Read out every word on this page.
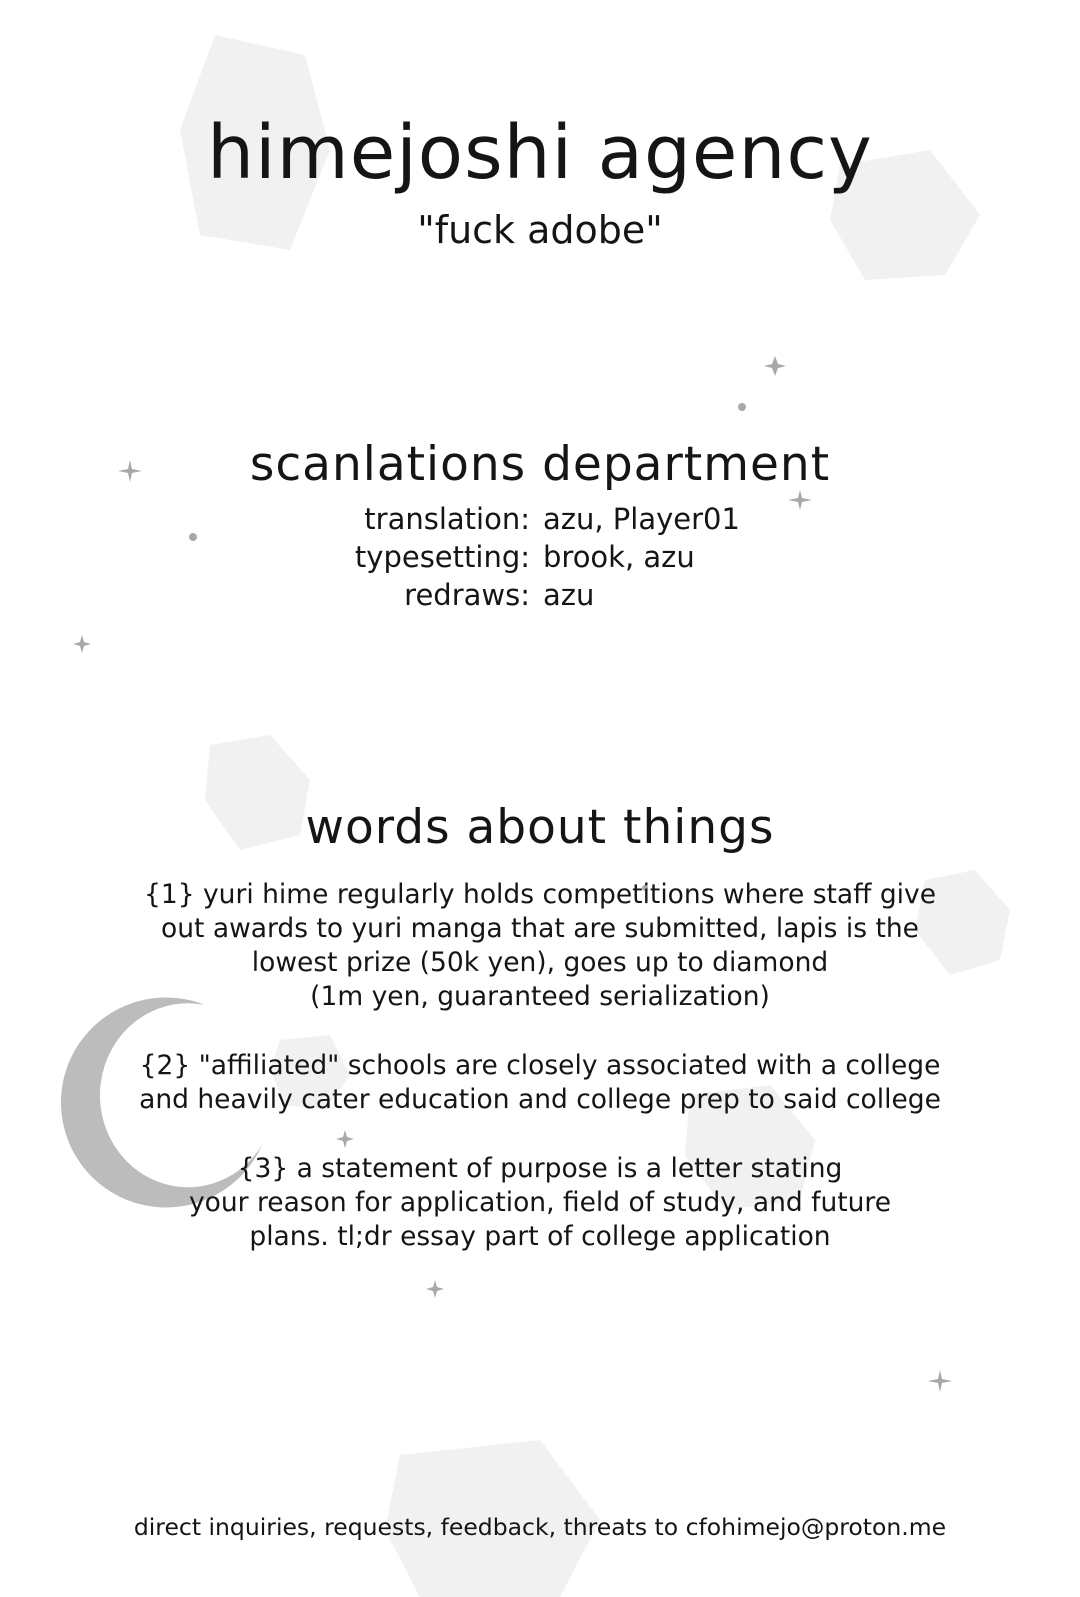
himejoshi agency
"fuck adobe"
scanlations department
translation: azu, Player01
typesetting: brook, azu
redraws: azu
words about things
{1} yuri hime regularly holds competitions where staff give
out awards to yuri manga that are submitted, lapis is the
lowest prize (50k yen), goes up to diamond
(1m yen, guaranteed serialization)
{2} "affiliated" schools are closely associated with a college
and heavily cater education and college prep to said college
{3} a statement of purpose is a letter stating
your reason for application, field of study, and future
plans. tl;dr essay part of college application
direct inquiries, requests, feedback, threats to cfohimejo@proton.me
